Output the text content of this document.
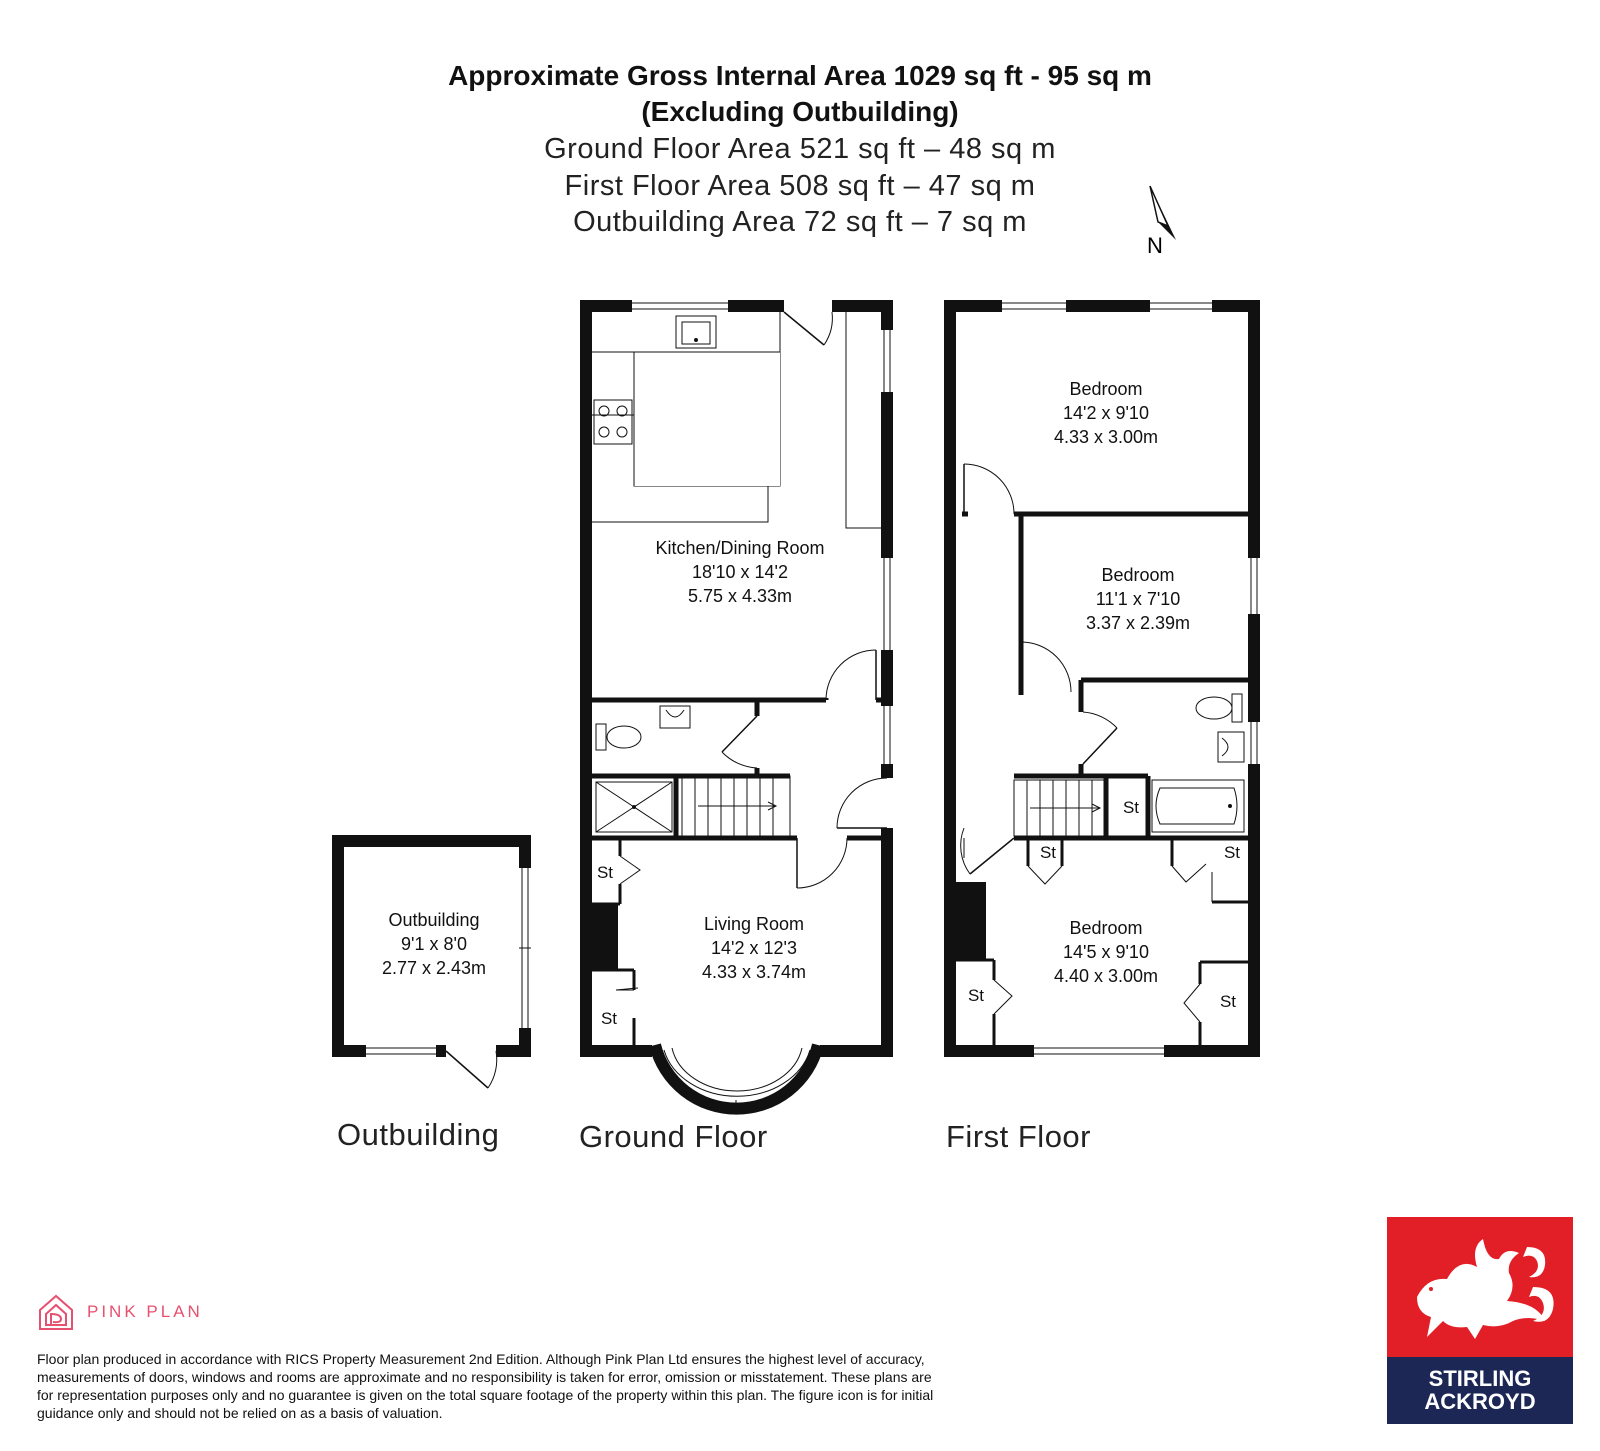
Approximate Gross Internal Area 1029 sq ft - 95 sq m
(Excluding Outbuilding)
Ground Floor Area 521 sq ft – 48 sq m
First Floor Area 508 sq ft – 47 sq m
Outbuilding Area 72 sq ft – 7 sq m
N
Kitchen/Dining Room
18'10 x 14'2
5.75 x 4.33m
Living Room
14'2 x 12'3
4.33 x 3.74m
Outbuilding
9'1 x 8'0
2.77 x 2.43m
Bedroom
14'2 x 9'10
4.33 x 3.00m
Bedroom
11'1 x 7'10
3.37 x 2.39m
Bedroom
14'5 x 9'10
4.40 x 3.00m
St
St
St
St	St
St	St
Outbuilding	Ground Floor	First Floor
PINK PLAN
Floor plan produced in accordance with RICS Property Measurement 2nd Edition. Although Pink Plan Ltd ensures the highest level of accuracy, measurements of doors, windows and rooms are approximate and no responsibility is taken for error, omission or misstatement. These plans are for representation purposes only and no guarantee is given on the total square footage of the property within this plan. The figure icon is for initial guidance only and should not be relied on as a basis of valuation.
STIRLING
ACKROYD
